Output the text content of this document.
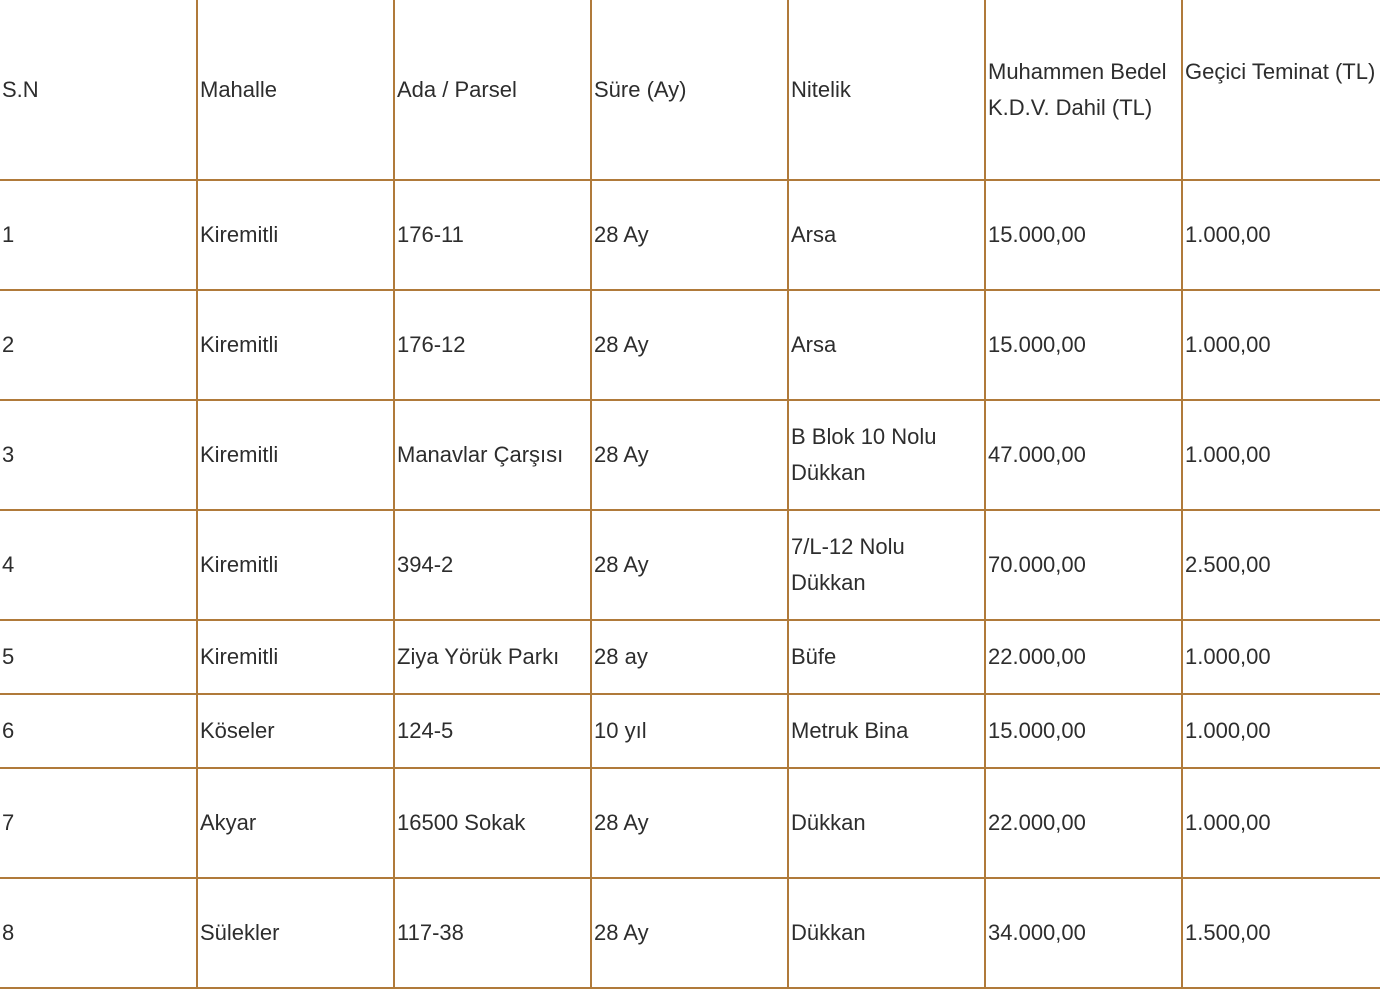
S.N	Mahalle	Ada / Parsel	Süre (Ay)	Nitelik	Muhammen Bedel K.D.V. Dahil (TL)	Geçici Teminat (TL)
1	Kiremitli	176-11	28 Ay	Arsa	15.000,00	1.000,00
2	Kiremitli	176-12	28 Ay	Arsa	15.000,00	1.000,00
3	Kiremitli	Manavlar Çarşısı	28 Ay	B Blok 10 Nolu Dükkan	47.000,00	1.000,00
4	Kiremitli	394-2	28 Ay	7/L-12 Nolu Dükkan	70.000,00	2.500,00
5	Kiremitli	Ziya Yörük Parkı	28 ay	Büfe	22.000,00	1.000,00
6	Köseler	124-5	10 yıl	Metruk Bina	15.000,00	1.000,00
7	Akyar	16500 Sokak	28 Ay	Dükkan	22.000,00	1.000,00
8	Sülekler	117-38	28 Ay	Dükkan	34.000,00	1.500,00
